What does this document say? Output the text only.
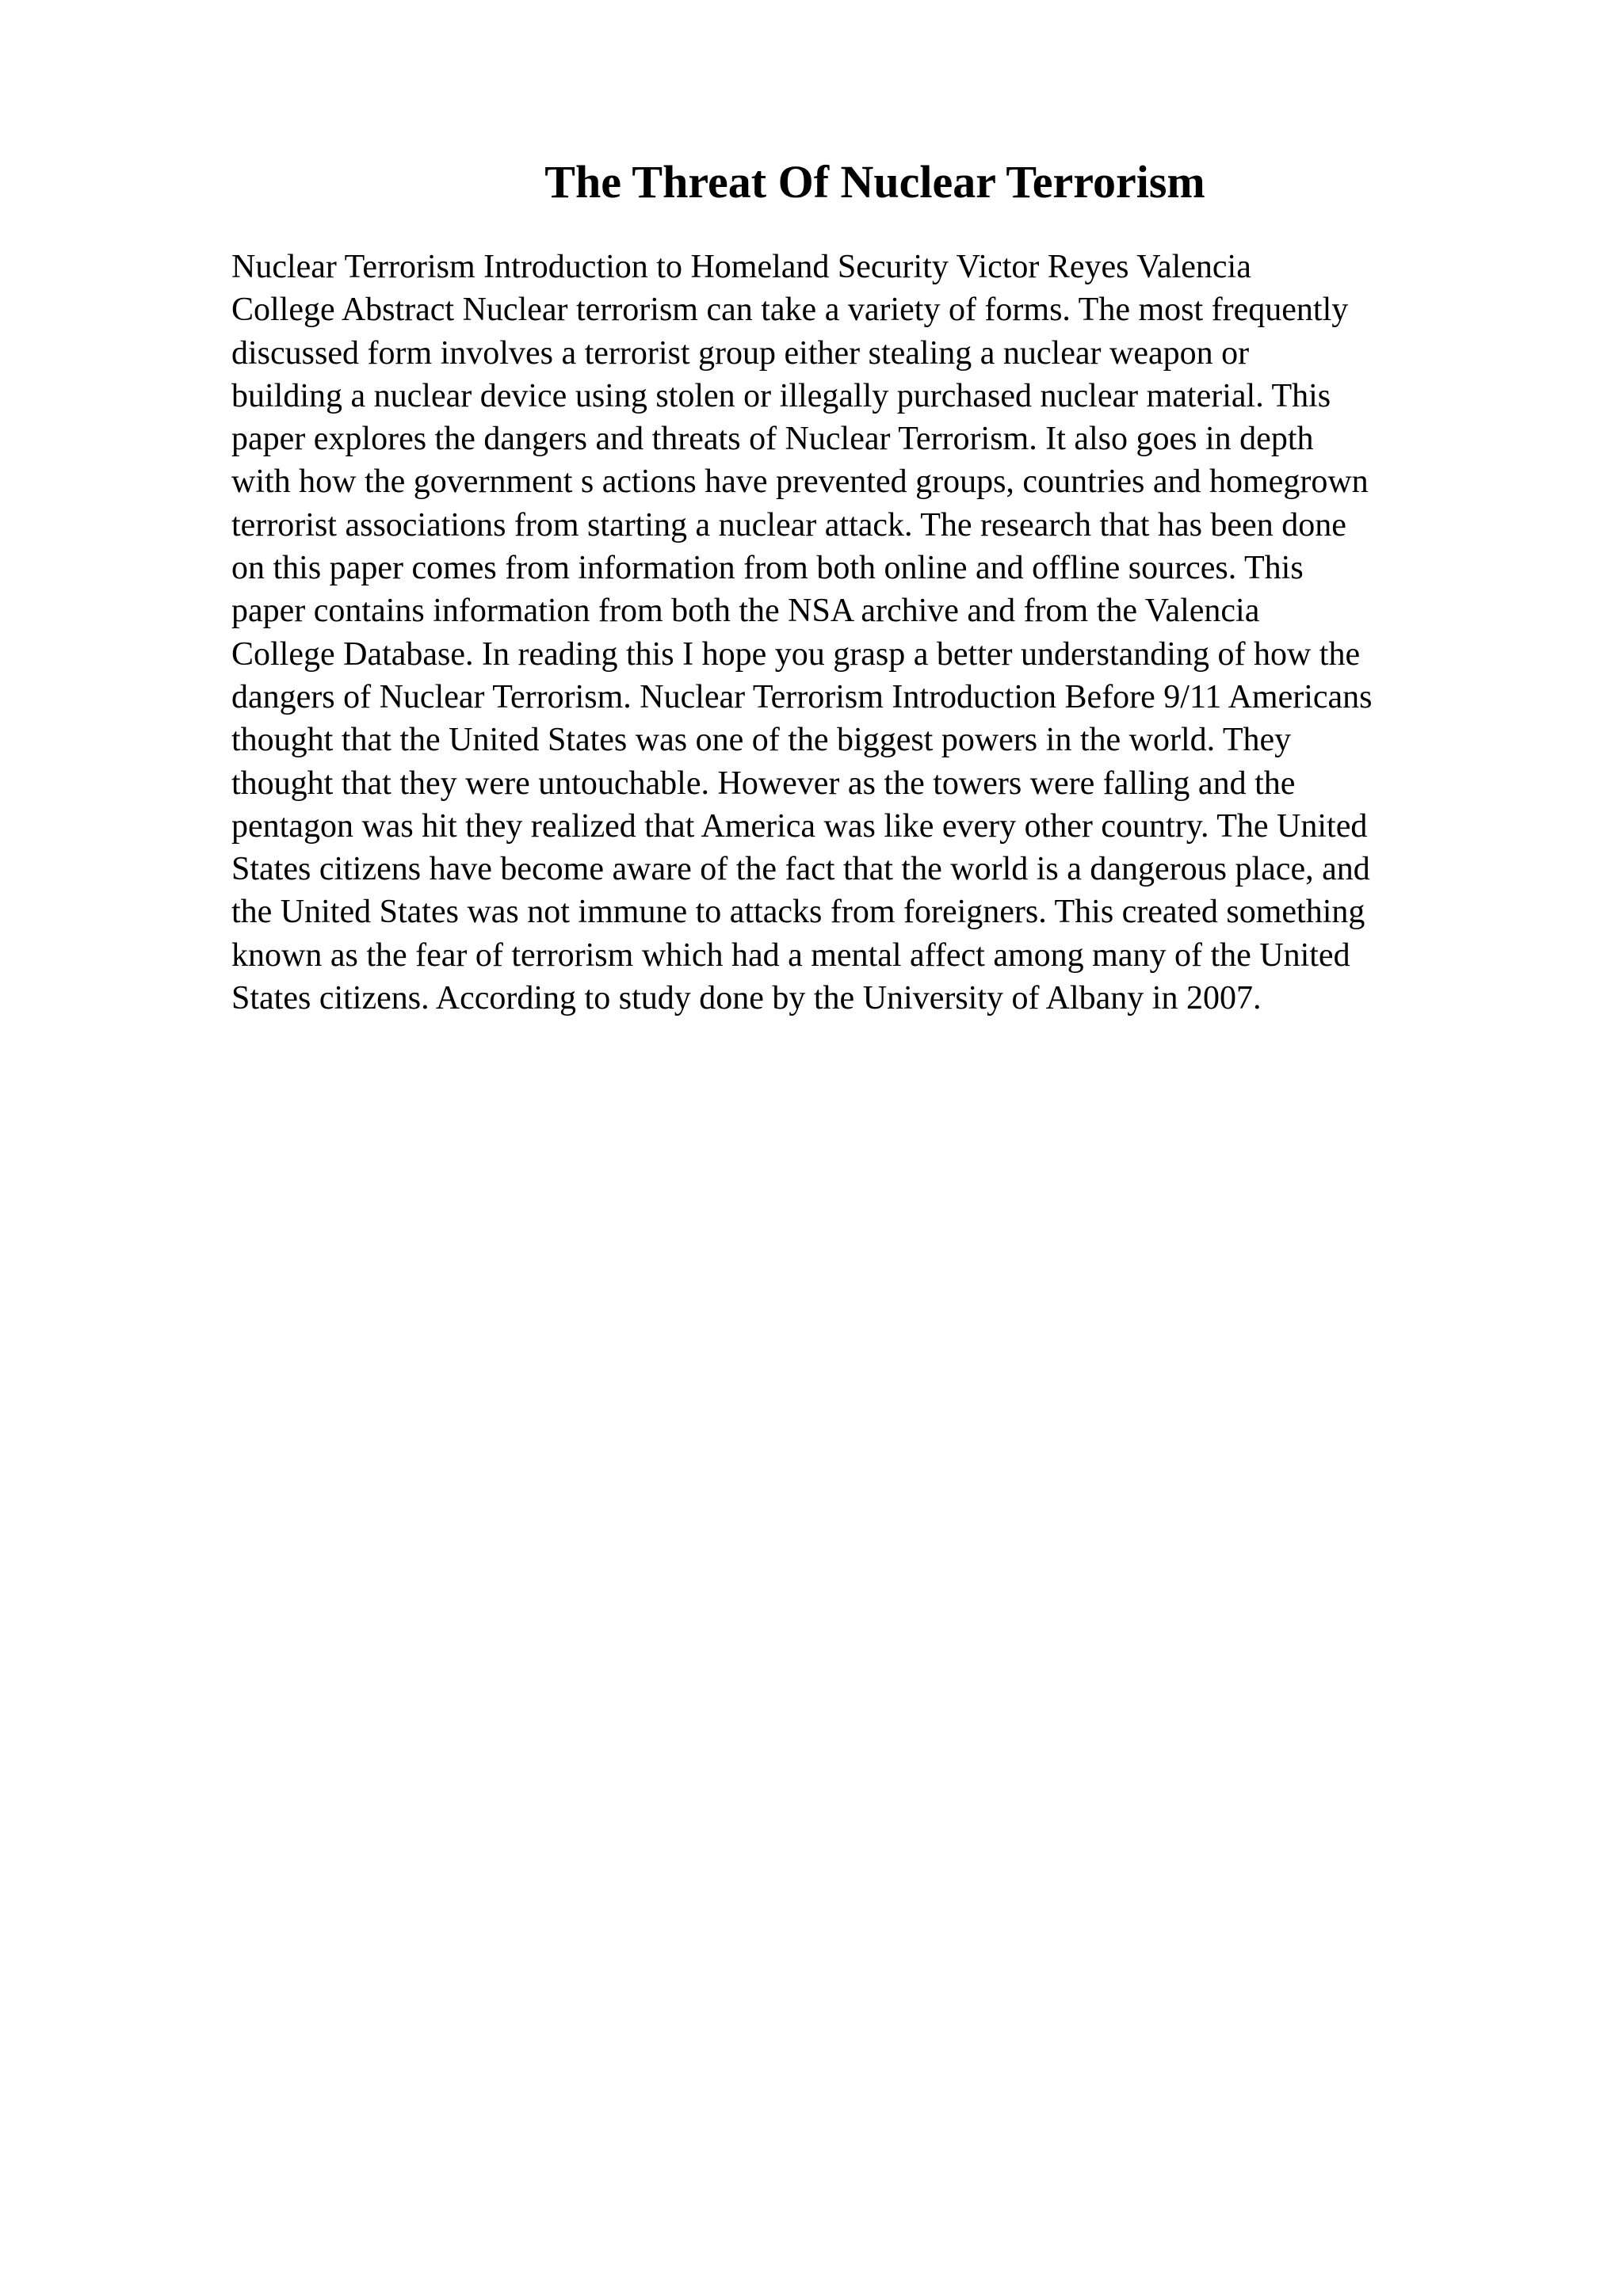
The Threat Of Nuclear Terrorism
Nuclear Terrorism Introduction to Homeland Security Victor Reyes Valencia
College Abstract Nuclear terrorism can take a variety of forms. The most frequently
discussed form involves a terrorist group either stealing a nuclear weapon or
building a nuclear device using stolen or illegally purchased nuclear material. This
paper explores the dangers and threats of Nuclear Terrorism. It also goes in depth
with how the government s actions have prevented groups, countries and homegrown
terrorist associations from starting a nuclear attack. The research that has been done
on this paper comes from information from both online and offline sources. This
paper contains information from both the NSA archive and from the Valencia
College Database. In reading this I hope you grasp a better understanding of how the
dangers of Nuclear Terrorism. Nuclear Terrorism Introduction Before 9/11 Americans
thought that the United States was one of the biggest powers in the world. They
thought that they were untouchable. However as the towers were falling and the
pentagon was hit they realized that America was like every other country. The United
States citizens have become aware of the fact that the world is a dangerous place, and
the United States was not immune to attacks from foreigners. This created something
known as the fear of terrorism which had a mental affect among many of the United
States citizens. According to study done by the University of Albany in 2007.
